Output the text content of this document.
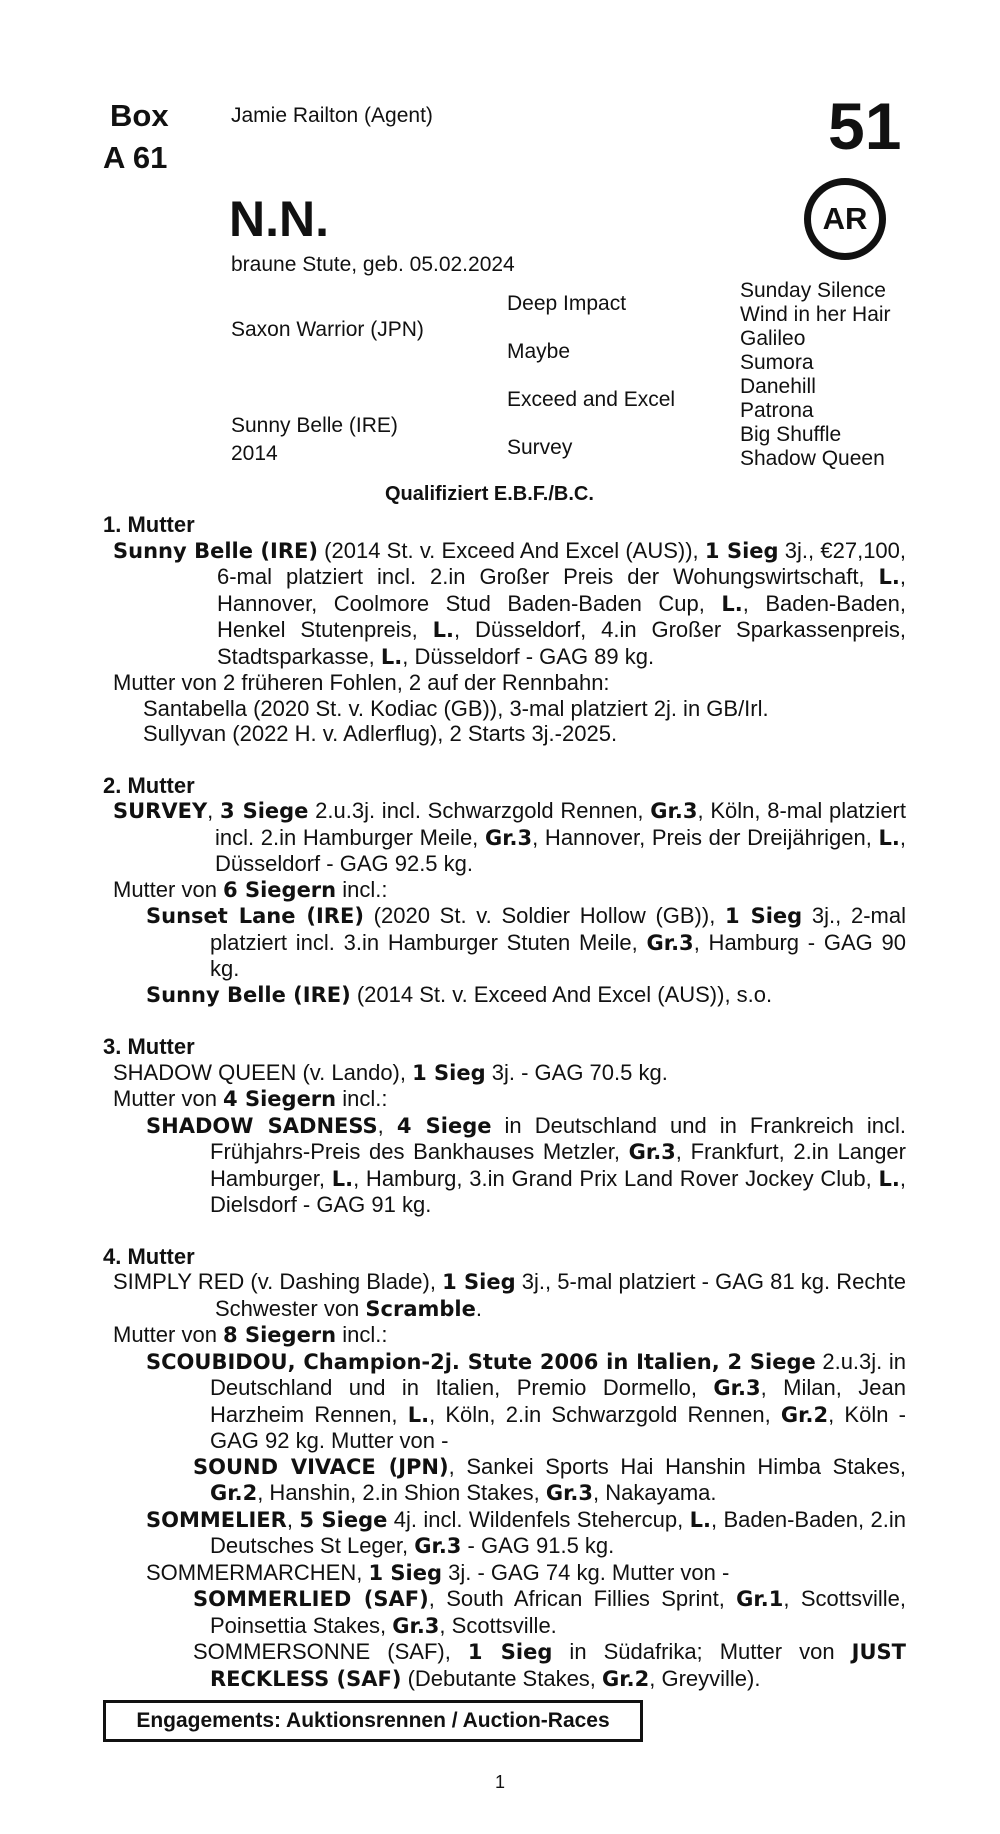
Box
A 61
Jamie Railton (Agent)	51
AR
N.N.
braune Stute, geb. 05.02.2024
Saxon Warrior (JPN)
Sunny Belle (IRE)
2014
Deep Impact
Maybe
Exceed and Excel
Survey
Sunday Silence
Wind in her Hair
Galileo
Sumora
Danehill
Patrona
Big Shuffle
Shadow Queen
Qualifiziert E.B.F./B.C.

1. Mutter

Sunny Belle (IRE) (2014 St. v. Exceed And Excel (AUS)), 1 Sieg 3j., €27,100, 6-mal platziert incl. 2.in Großer Preis der Wohungswirtschaft, L., Hannover, Coolmore Stud Baden-Baden Cup, L., Baden-Baden, Henkel Stutenpreis, L., Düsseldorf, 4.in Großer Sparkassenpreis, Stadtsparkasse, L., Düsseldorf - GAG 89 kg.

Mutter von 2 früheren Fohlen, 2 auf der Rennbahn:

Santabella (2020 St. v. Kodiac (GB)), 3-mal platziert 2j. in GB/Irl.

Sullyvan (2022 H. v. Adlerflug), 2 Starts 3j.-2025.

2. Mutter

SURVEY, 3 Siege 2.u.3j. incl. Schwarzgold Rennen, Gr.3, Köln, 8-mal platziert incl. 2.in Hamburger Meile, Gr.3, Hannover, Preis der Dreijährigen, L., Düsseldorf - GAG 92.5 kg.

Mutter von 6 Siegern incl.:

Sunset Lane (IRE) (2020 St. v. Soldier Hollow (GB)), 1 Sieg 3j., 2-mal platziert incl. 3.in Hamburger Stuten Meile, Gr.3, Hamburg - GAG 90 kg.

Sunny Belle (IRE) (2014 St. v. Exceed And Excel (AUS)), s.o.

3. Mutter

SHADOW QUEEN (v. Lando), 1 Sieg 3j. - GAG 70.5 kg.

Mutter von 4 Siegern incl.:

SHADOW SADNESS, 4 Siege in Deutschland und in Frankreich incl. Frühjahrs-Preis des Bankhauses Metzler, Gr.3, Frankfurt, 2.in Langer Hamburger, L., Hamburg, 3.in Grand Prix Land Rover Jockey Club, L., Dielsdorf - GAG 91 kg.

4. Mutter

SIMPLY RED (v. Dashing Blade), 1 Sieg 3j., 5-mal platziert - GAG 81 kg. Rechte Schwester von Scramble.

Mutter von 8 Siegern incl.:

SCOUBIDOU, Champion-2j. Stute 2006 in Italien, 2 Siege 2.u.3j. in Deutschland und in Italien, Premio Dormello, Gr.3, Milan, Jean Harzheim Rennen, L., Köln, 2.in Schwarzgold Rennen, Gr.2, Köln - GAG 92 kg. Mutter von -

SOUND VIVACE (JPN), Sankei Sports Hai Hanshin Himba Stakes, Gr.2, Hanshin, 2.in Shion Stakes, Gr.3, Nakayama.

SOMMELIER, 5 Siege 4j. incl. Wildenfels Stehercup, L., Baden-Baden, 2.in Deutsches St Leger, Gr.3 - GAG 91.5 kg.

SOMMERMARCHEN, 1 Sieg 3j. - GAG 74 kg. Mutter von -

SOMMERLIED (SAF), South African Fillies Sprint, Gr.1, Scottsville, Poinsettia Stakes, Gr.3, Scottsville.

SOMMERSONNE (SAF), 1 Sieg in Südafrika; Mutter von JUST RECKLESS (SAF) (Debutante Stakes, Gr.2, Greyville).

Engagements: Auktionsrennen / Auction-Races
1
